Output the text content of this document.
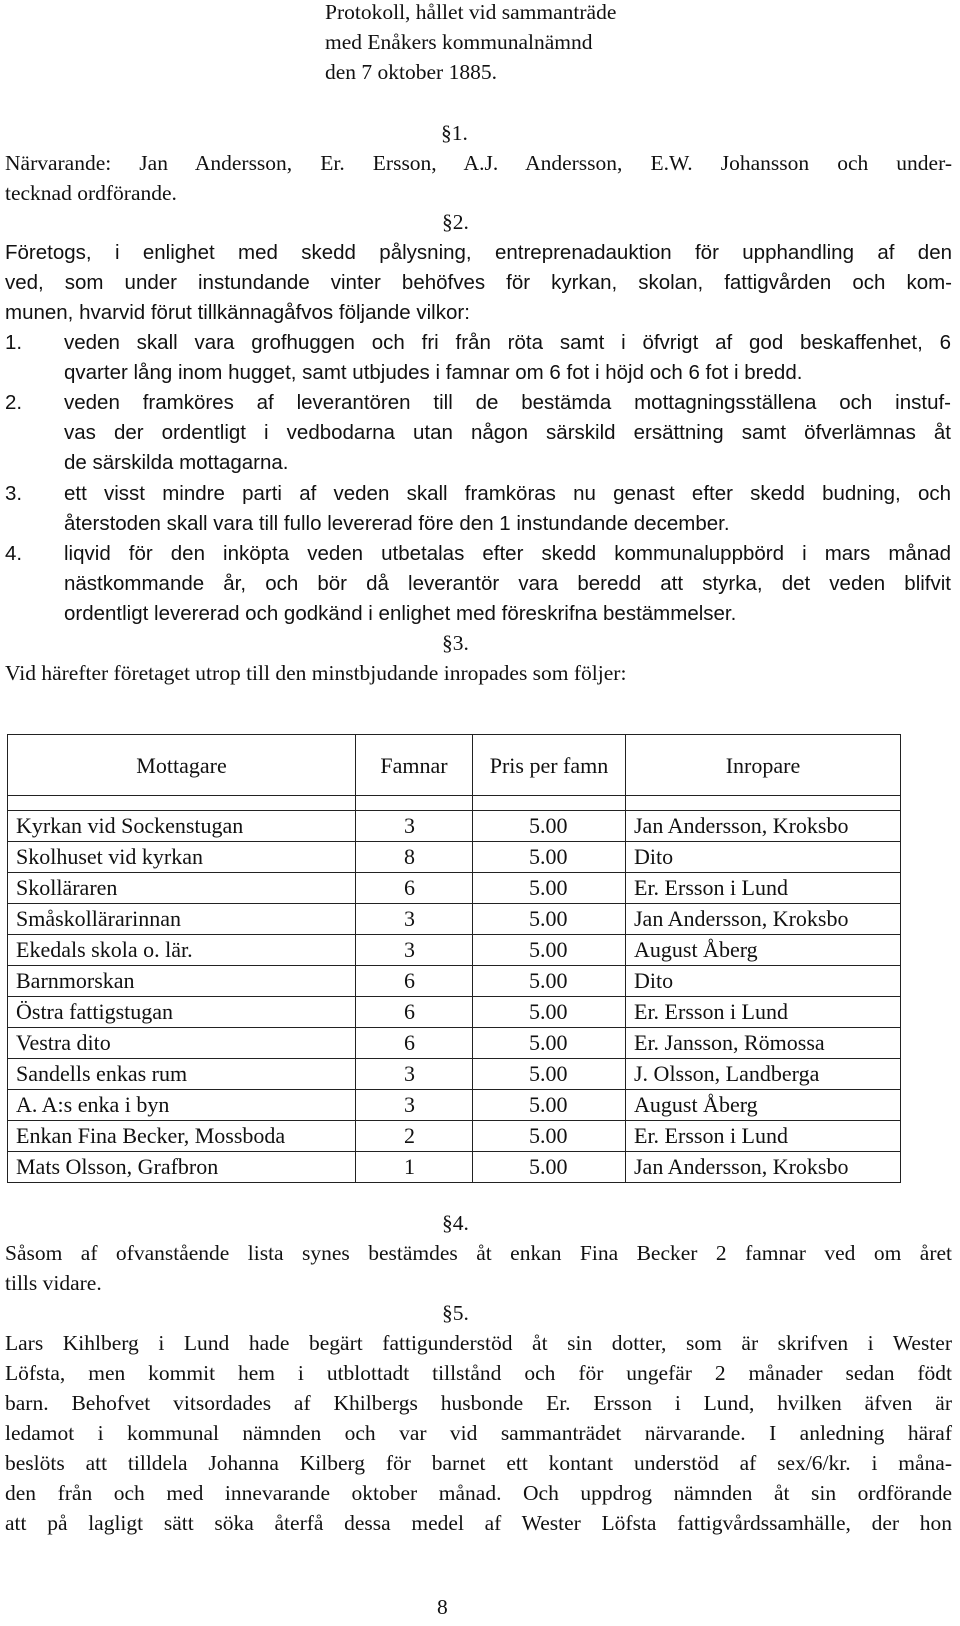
Protokoll, hållet vid sammanträde
med Enåkers kommunalnämnd
den 7 oktober 1885.
§1.
Närvarande: Jan Andersson, Er. Ersson, A.J. Andersson, E.W. Johansson och under-
tecknad ordförande.
§2.
Företogs, i enlighet med skedd pålysning, entreprenadauktion för upphandling af den
ved, som under instundande vinter behöfves för kyrkan, skolan, fattigvården och kom-
munen, hvarvid förut tillkännagåfvos följande vilkor:
1. veden skall vara grofhuggen och fri från röta samt i öfvrigt af god beskaffenhet, 6
qvarter lång inom hugget, samt utbjudes i famnar om 6 fot i höjd och 6 fot i bredd.
2. veden framköres af leverantören till de bestämda mottagningsställena och instuf-
vas der ordentligt i vedbodarna utan någon särskild ersättning samt öfverlämnas åt
de särskilda mottagarna.
3. ett visst mindre parti af veden skall framköras nu genast efter skedd budning, och
återstoden skall vara till fullo levererad före den 1 instundande december.
4. liqvid för den inköpta veden utbetalas efter skedd kommunaluppbörd i mars månad
nästkommande år, och bör då leverantör vara beredd att styrka, det veden blifvit
ordentligt levererad och godkänd i enlighet med föreskrifna bestämmelser.
§3.
Vid härefter företaget utrop till den minstbjudande inropades som följer:
Mottagare	Famnar	Pris per famn	Inropare

Kyrkan vid Sockenstugan	3	5.00	Jan Andersson, Kroksbo
Skolhuset vid kyrkan	8	5.00	Dito
Skolläraren	6	5.00	Er. Ersson i Lund
Småskollärarinnan	3	5.00	Jan Andersson, Kroksbo
Ekedals skola o. lär.	3	5.00	August Åberg
Barnmorskan	6	5.00	Dito
Östra fattigstugan	6	5.00	Er. Ersson i Lund
Vestra dito	6	5.00	Er. Jansson, Römossa
Sandells enkas rum	3	5.00	J. Olsson, Landberga
A. A:s enka i byn	3	5.00	August Åberg
Enkan Fina Becker, Mossboda	2	5.00	Er. Ersson i Lund
Mats Olsson, Grafbron	1	5.00	Jan Andersson, Kroksbo
§4.
Såsom af ofvanstående lista synes bestämdes åt enkan Fina Becker 2 famnar ved om året
tills vidare.
§5.
Lars Kihlberg i Lund hade begärt fattigunderstöd åt sin dotter, som är skrifven i Wester
Löfsta, men kommit hem i utblottadt tillstånd och för ungefär 2 månader sedan födt
barn. Behofvet vitsordades af Khilbergs husbonde Er. Ersson i Lund, hvilken äfven är
ledamot i kommunal nämnden och var vid sammanträdet närvarande. I anledning häraf
beslöts att tilldela Johanna Kilberg för barnet ett kontant understöd af sex/6/kr. i måna-
den från och med innevarande oktober månad. Och uppdrog nämnden åt sin ordförande
att på lagligt sätt söka återfå dessa medel af Wester Löfsta fattigvårdssamhälle, der hon
8
